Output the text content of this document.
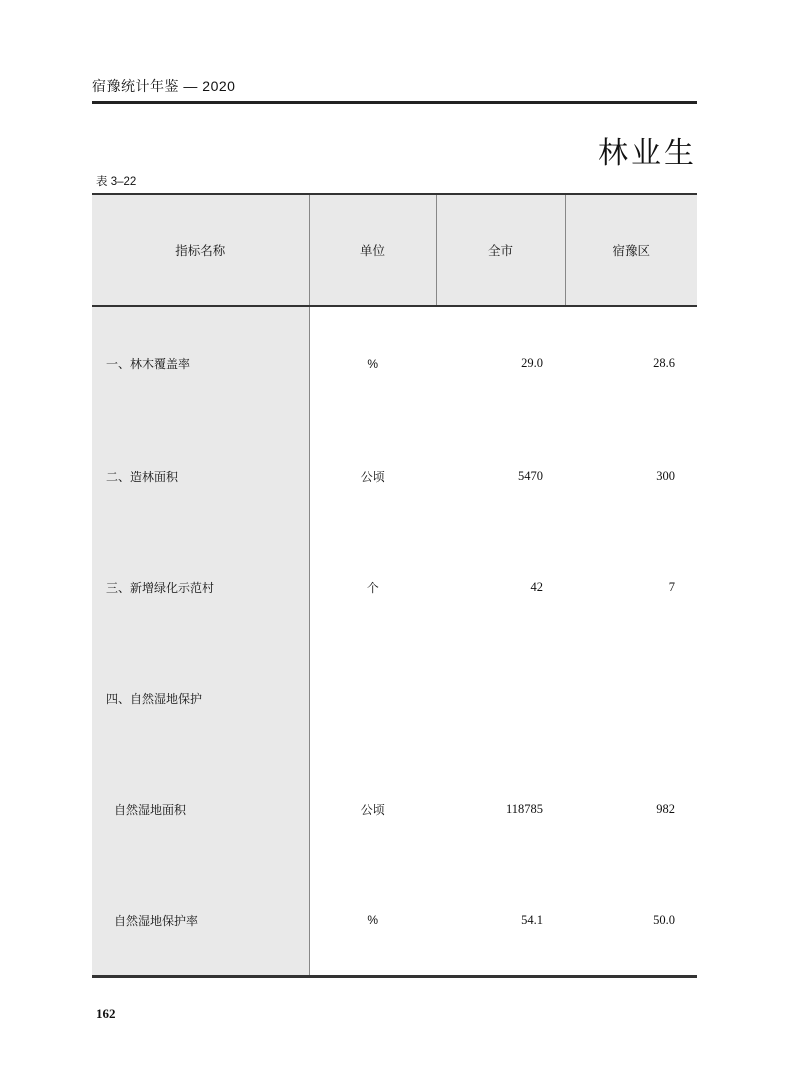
宿豫统计年鉴 — 2020
林业生
表 3–22
指标名称	单位	全市	宿豫区
一、林木覆盖率	%	29.0	28.6
二、造林面积	公顷	5470	300
三、新增绿化示范村	个	42	7
四、自然湿地保护			
自然湿地面积	公顷	118785	982
自然湿地保护率	%	54.1	50.0
162
